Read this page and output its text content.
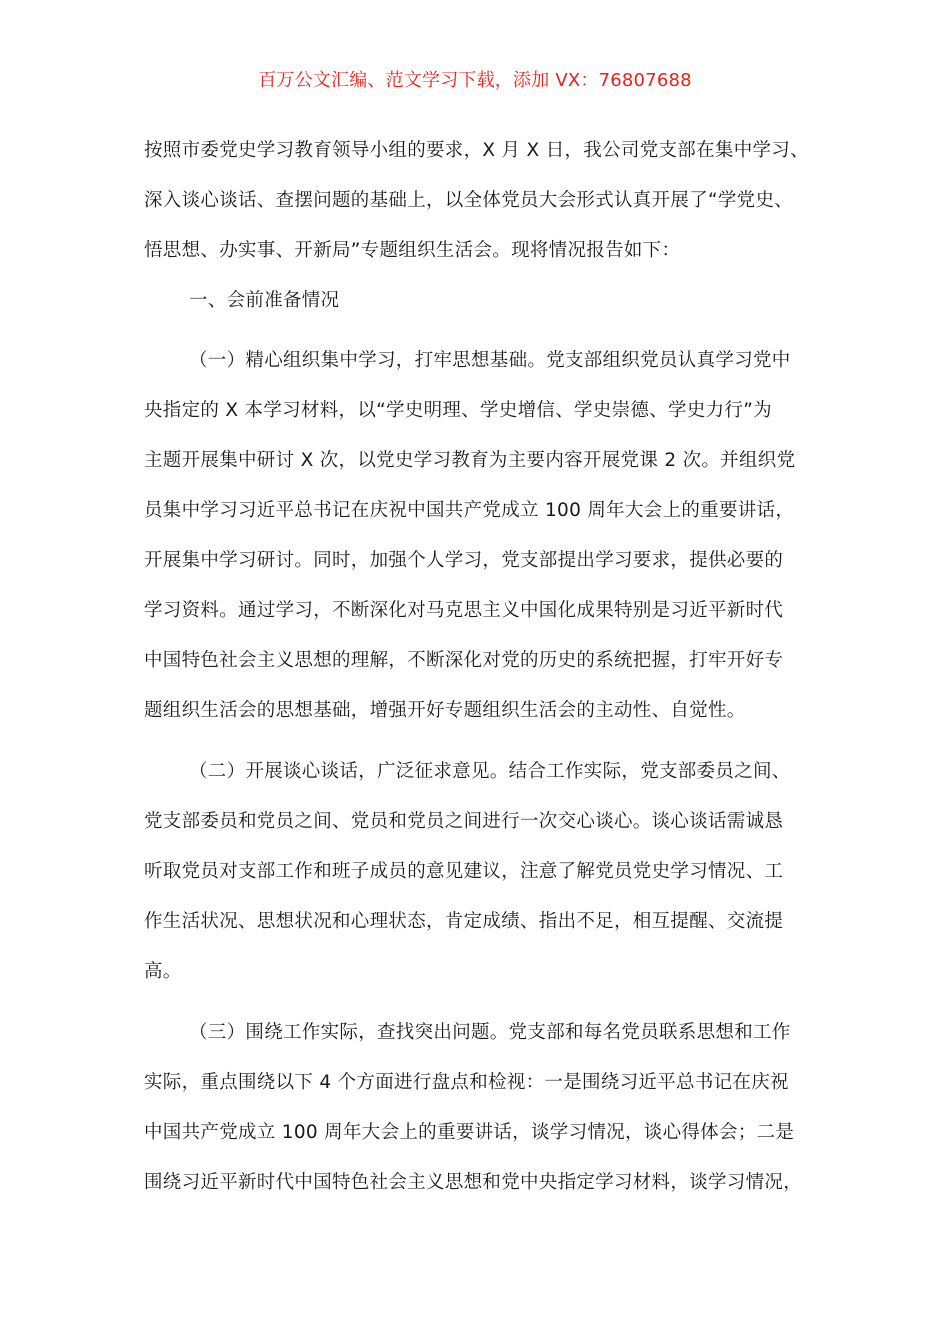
百万公文汇编、范文学习下载，添加 VX：76807688
按照市委党史学习教育领导小组的要求，X 月 X 日，我公司党支部在集中学习、
深入谈心谈话、查摆问题的基础上，以全体党员大会形式认真开展了“学党史、
悟思想、办实事、开新局”专题组织生活会。现将情况报告如下：
一、会前准备情况
（一）精心组织集中学习，打牢思想基础。党支部组织党员认真学习党中
央指定的 X 本学习材料，以“学史明理、学史增信、学史崇德、学史力行”为
主题开展集中研讨 X 次，以党史学习教育为主要内容开展党课 2 次。并组织党
员集中学习习近平总书记在庆祝中国共产党成立 100 周年大会上的重要讲话，
开展集中学习研讨。同时，加强个人学习，党支部提出学习要求，提供必要的
学习资料。通过学习，不断深化对马克思主义中国化成果特别是习近平新时代
中国特色社会主义思想的理解，不断深化对党的历史的系统把握，打牢开好专
题组织生活会的思想基础，增强开好专题组织生活会的主动性、自觉性。
（二）开展谈心谈话，广泛征求意见。结合工作实际，党支部委员之间、
党支部委员和党员之间、党员和党员之间进行一次交心谈心。谈心谈话需诚恳
听取党员对支部工作和班子成员的意见建议，注意了解党员党史学习情况、工
作生活状况、思想状况和心理状态，肯定成绩、指出不足，相互提醒、交流提
高。
（三）围绕工作实际，查找突出问题。党支部和每名党员联系思想和工作
实际，重点围绕以下 4 个方面进行盘点和检视：一是围绕习近平总书记在庆祝
中国共产党成立 100 周年大会上的重要讲话，谈学习情况，谈心得体会；二是
围绕习近平新时代中国特色社会主义思想和党中央指定学习材料，谈学习情况，
